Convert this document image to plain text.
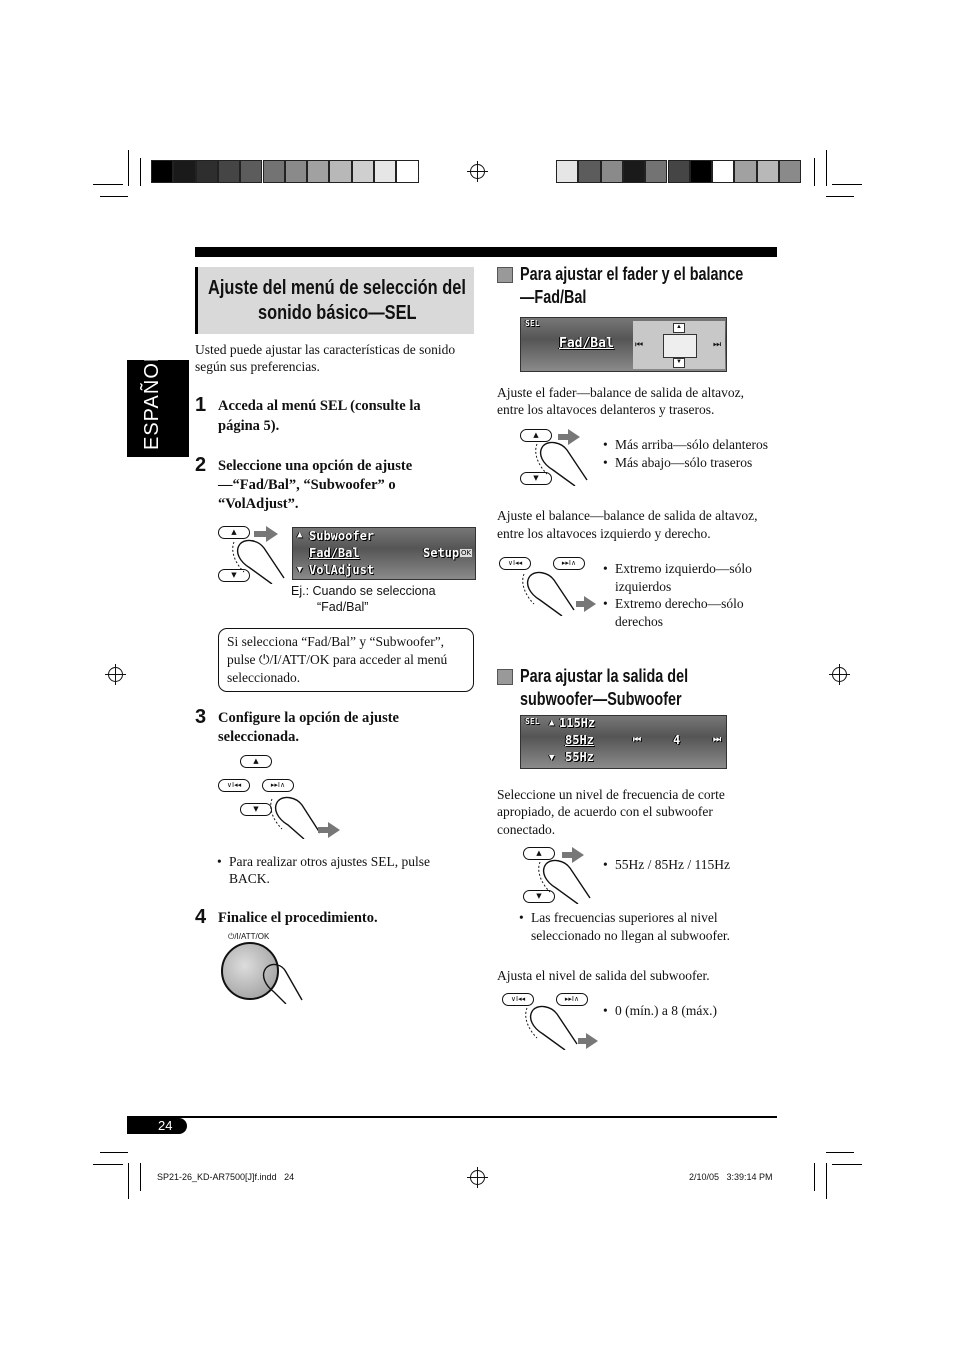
ESPAÑOL
Ajuste del menú de selección del
sonido básico—SEL
Usted puede ajustar las características de sonido
según sus preferencias.
1 Acceda al menú SEL (consulte la
página 5).
2 Seleccione una opción de ajuste
—“Fad/Bal”, “Subwoofer” o
“VolAdjust”.
▲
▼
Subwoofer
Fad/Bal
VolAdjust
Setup OK
▲
▼
Ej.: Cuando se selecciona
“Fad/Bal”
Si selecciona “Fad/Bal” y “Subwoofer”,
pulse ⏻/I/ATT/OK para acceder al menú
seleccionado.
3 Configure la opción de ajuste
seleccionada.
▲
∨I◂◂	▸▸I∧
▼
• Para realizar otros ajustes SEL, pulse
BACK.
4 Finalice el procedimiento.
⏻/I/ATT/OK
Para ajustar el fader y el balance
—Fad/Bal
SEL
Fad/Bal
▲
▼
⏮	⏭
Ajuste el fader—balance de salida de altavoz,
entre los altavoces delanteros y traseros.
▲
▼
• Más arriba—sólo delanteros
• Más abajo—sólo traseros
Ajuste el balance—balance de salida de altavoz,
entre los altavoces izquierdo y derecho.
∨I◂◂	▸▸I∧
•	Extremo izquierdo—sólo
izquierdos
• Extremo derecho—sólo
derechos
Para ajustar la salida del
subwoofer—Subwoofer
SEL ▲ 115Hz
85Hz
▼ 55Hz
⏮	4	⏭
Seleccione un nivel de frecuencia de corte
apropiado, de acuerdo con el subwoofer
conectado.
▲
▼
• 55Hz / 85Hz / 115Hz
• Las frecuencias superiores al nivel
seleccionado no llegan al subwoofer.
Ajusta el nivel de salida del subwoofer.
∨I◂◂	▸▸I∧
• 0 (mín.) a 8 (máx.)
24
SP21-26_KD-AR7500[J]f.indd   24	2/10/05   3:39:14 PM
